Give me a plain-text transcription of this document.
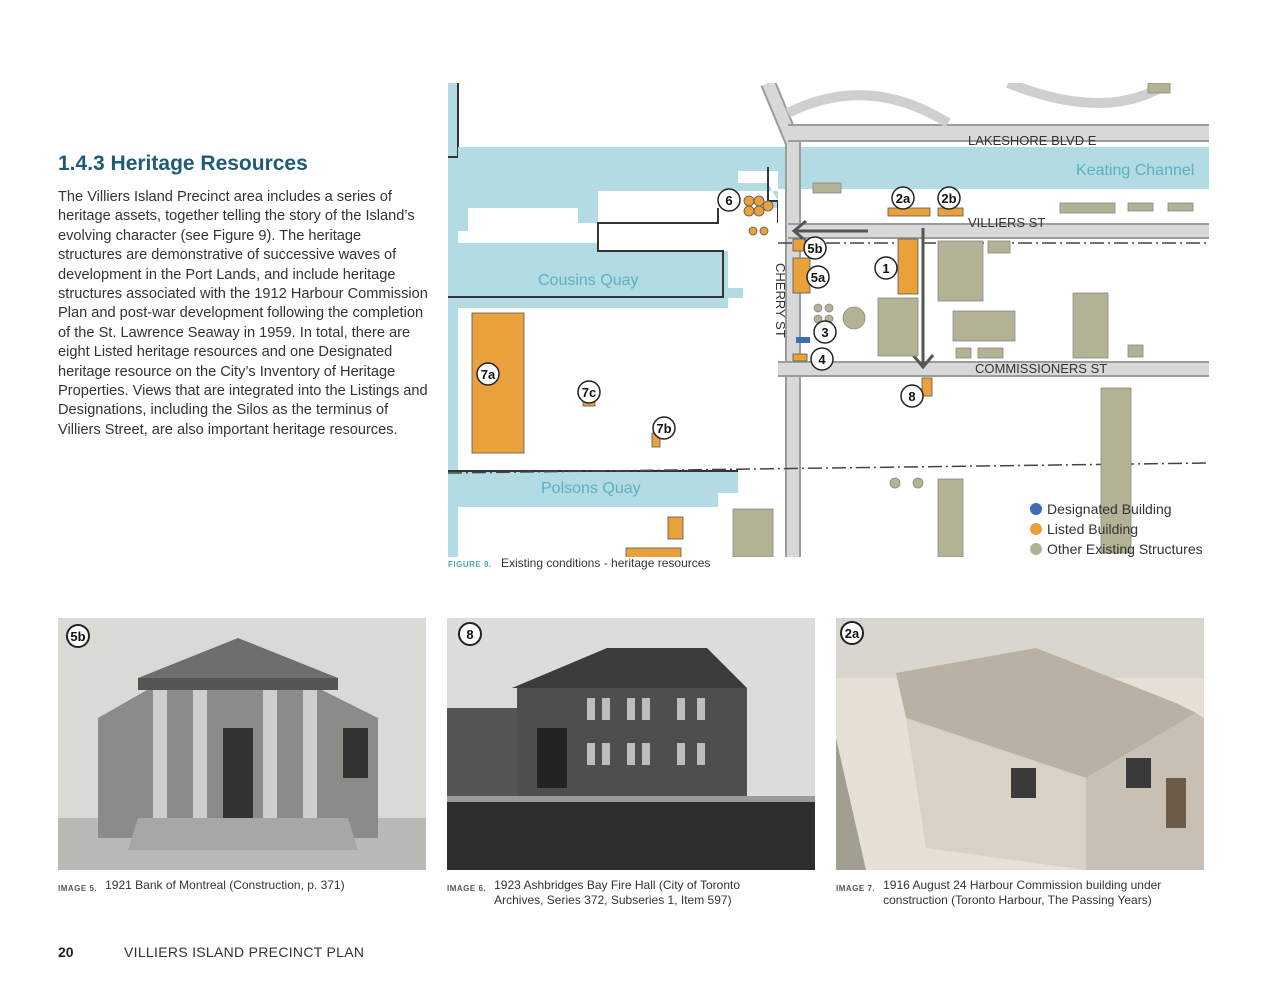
1.4.3 Heritage Resources

The Villiers Island Precinct area includes a series of heritage assets, together telling the story of the Island’s evolving character (see Figure 9). The heritage structures are demonstrative of successive waves of development in the Port Lands, and include heritage structures associated with the 1912 Harbour Commission Plan and post-war development following the completion of the St. Lawrence Seaway in 1959. In total, there are eight Listed heritage resources and one Designated heritage resource on the City’s Inventory of Heritage Properties. Views that are integrated into the Listings and Designations, including the Silos as the terminus of Villiers Street, are also important heritage resources.

LAKESHORE BLVD E
VILLIERS ST
COMMISSIONERS ST
CHERRY ST
Keating Channel
Cousins Quay
Polsons Quay
6	2a 2b
5b
5a
1
3
4
8
7a
7c
7b
Designated Building
Listed Building
Other Existing Structures
FIGURE 9. Existing conditions - heritage resources
5b	8	2a
IMAGE 5. 1921 Bank of Montreal (Construction, p. 371)	IMAGE 6. 1923 Ashbridges Bay Fire Hall (City of Toronto Archives, Series 372, Subseries 1, Item 597)
IMAGE 7. 1916 August 24 Harbour Commission building under construction (Toronto Harbour, The Passing Years)
20	VILLIERS ISLAND PRECINCT PLAN
